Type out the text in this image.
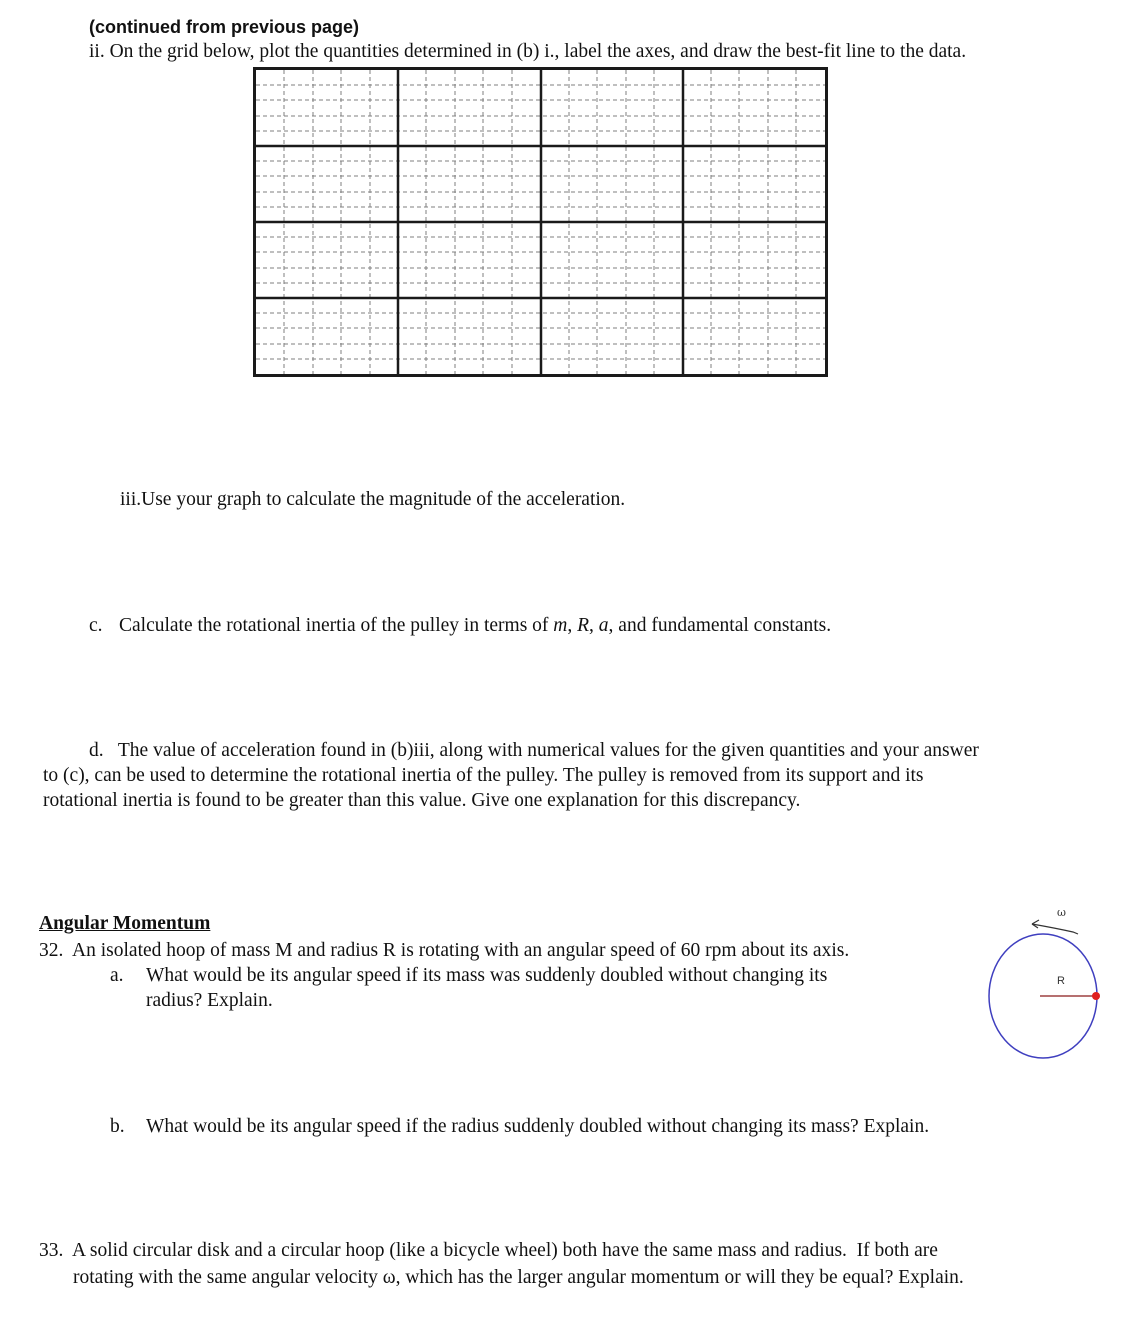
(continued from previous page)
ii. On the grid below, plot the quantities determined in (b) i., label the axes, and draw the best-fit line to the data.
iii.Use your graph to calculate the magnitude of the acceleration.
c. Calculate the rotational inertia of the pulley in terms of m, R, a, and fundamental constants.
d.   The value of acceleration found in (b)iii, along with numerical values for the given quantities and your answer
to (c), can be used to determine the rotational inertia of the pulley. The pulley is removed from its support and its
rotational inertia is found to be greater than this value. Give one explanation for this discrepancy.
Angular Momentum
32.  An isolated hoop of mass M and radius R is rotating with an angular speed of 60 rpm about its axis.
a. What would be its angular speed if its mass was suddenly doubled without changing its
radius? Explain.
ω
R
b. What would be its angular speed if the radius suddenly doubled without changing its mass? Explain.
33.  A solid circular disk and a circular hoop (like a bicycle wheel) both have the same mass and radius.  If both are
rotating with the same angular velocity ω, which has the larger angular momentum or will they be equal? Explain.
